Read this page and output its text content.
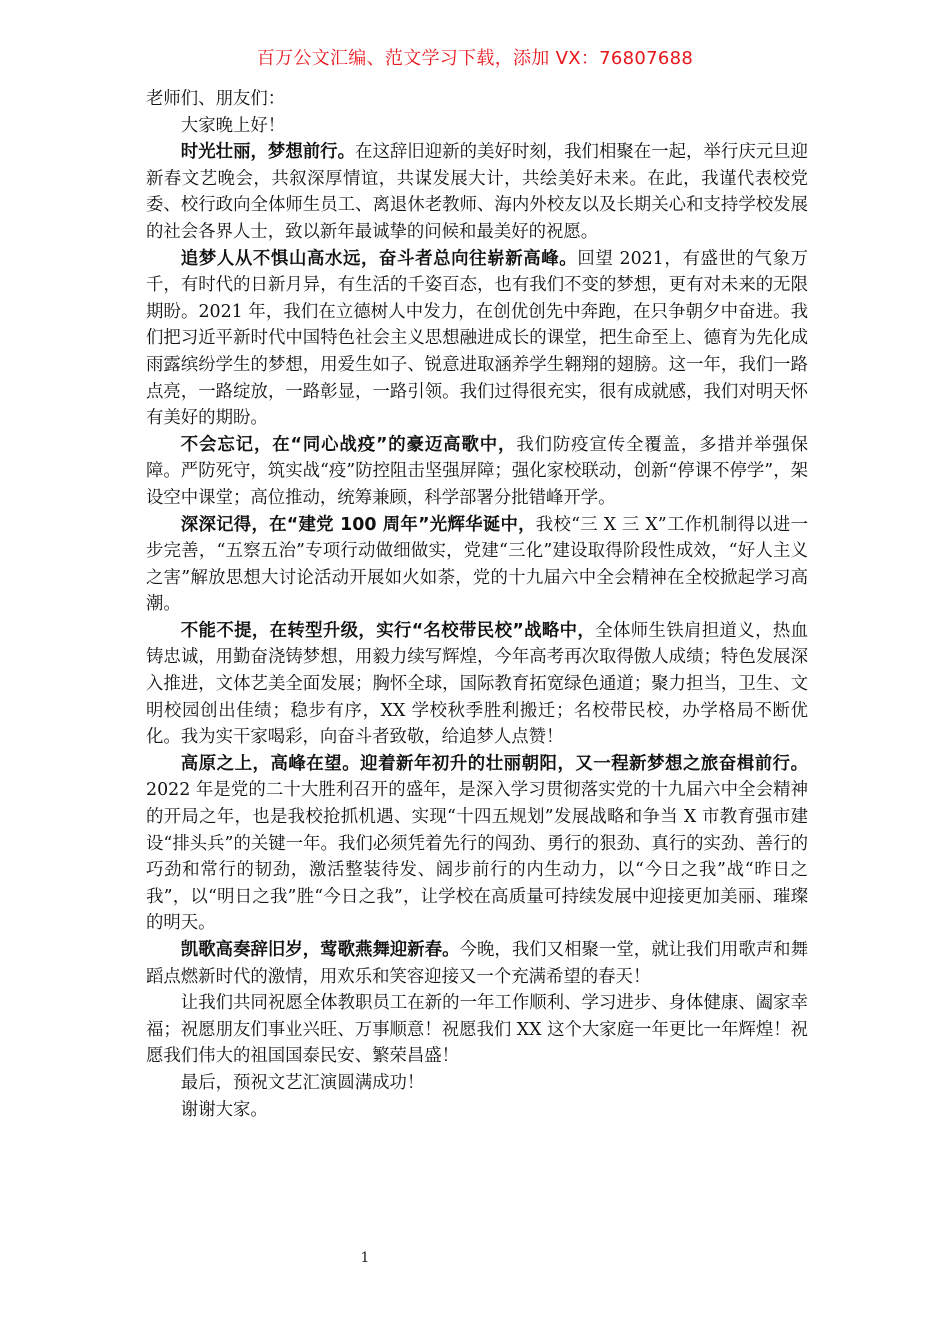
百万公文汇编、范文学习下载，添加 VX：76807688

老师们、朋友们：

大家晚上好！

时光壮丽，梦想前行。在这辞旧迎新的美好时刻，我们相聚在一起，举行庆元旦迎新春文艺晚会，共叙深厚情谊，共谋发展大计，共绘美好未来。在此，我谨代表校党委、校行政向全体师生员工、离退休老教师、海内外校友以及长期关心和支持学校发展的社会各界人士，致以新年最诚挚的问候和最美好的祝愿。

追梦人从不惧山高水远，奋斗者总向往崭新高峰。回望 2021，有盛世的气象万千，有时代的日新月异，有生活的千姿百态，也有我们不变的梦想，更有对未来的无限期盼。2021 年，我们在立德树人中发力，在创优创先中奔跑，在只争朝夕中奋进。我们把习近平新时代中国特色社会主义思想融进成长的课堂，把生命至上、德育为先化成雨露缤纷学生的梦想，用爱生如子、锐意进取涵养学生翱翔的翅膀。这一年，我们一路点亮，一路绽放，一路彰显，一路引领。我们过得很充实，很有成就感，我们对明天怀有美好的期盼。

不会忘记，在“同心战疫”的豪迈高歌中，我们防疫宣传全覆盖，多措并举强保障。严防死守，筑实战“疫”防控阻击坚强屏障；强化家校联动，创新“停课不停学”，架设空中课堂；高位推动，统筹兼顾，科学部署分批错峰开学。

深深记得，在“建党 100 周年”光辉华诞中，我校“三 X 三 X”工作机制得以进一步完善，“五察五治”专项行动做细做实，党建“三化”建设取得阶段性成效，“好人主义之害”解放思想大讨论活动开展如火如荼，党的十九届六中全会精神在全校掀起学习高潮。

不能不提，在转型升级，实行“名校带民校”战略中，全体师生铁肩担道义，热血铸忠诚，用勤奋浇铸梦想，用毅力续写辉煌，今年高考再次取得傲人成绩；特色发展深入推进，文体艺美全面发展；胸怀全球，国际教育拓宽绿色通道；聚力担当，卫生、文明校园创出佳绩；稳步有序，XX 学校秋季胜利搬迁；名校带民校，办学格局不断优化。我为实干家喝彩，向奋斗者致敬，给追梦人点赞！

高原之上，高峰在望。迎着新年初升的壮丽朝阳，又一程新梦想之旅奋楫前行。2022 年是党的二十大胜利召开的盛年，是深入学习贯彻落实党的十九届六中全会精神的开局之年，也是我校抢抓机遇、实现“十四五规划”发展战略和争当 X 市教育强市建设“排头兵”的关键一年。我们必须凭着先行的闯劲、勇行的狠劲、真行的实劲、善行的巧劲和常行的韧劲，激活整装待发、阔步前行的内生动力，以“今日之我”战“昨日之我”，以“明日之我”胜“今日之我”，让学校在高质量可持续发展中迎接更加美丽、璀璨的明天。

凯歌高奏辞旧岁，莺歌燕舞迎新春。今晚，我们又相聚一堂，就让我们用歌声和舞蹈点燃新时代的激情，用欢乐和笑容迎接又一个充满希望的春天！

让我们共同祝愿全体教职员工在新的一年工作顺利、学习进步、身体健康、阖家幸福；祝愿朋友们事业兴旺、万事顺意！祝愿我们 XX 这个大家庭一年更比一年辉煌！祝愿我们伟大的祖国国泰民安、繁荣昌盛！

最后，预祝文艺汇演圆满成功！

谢谢大家。

1
